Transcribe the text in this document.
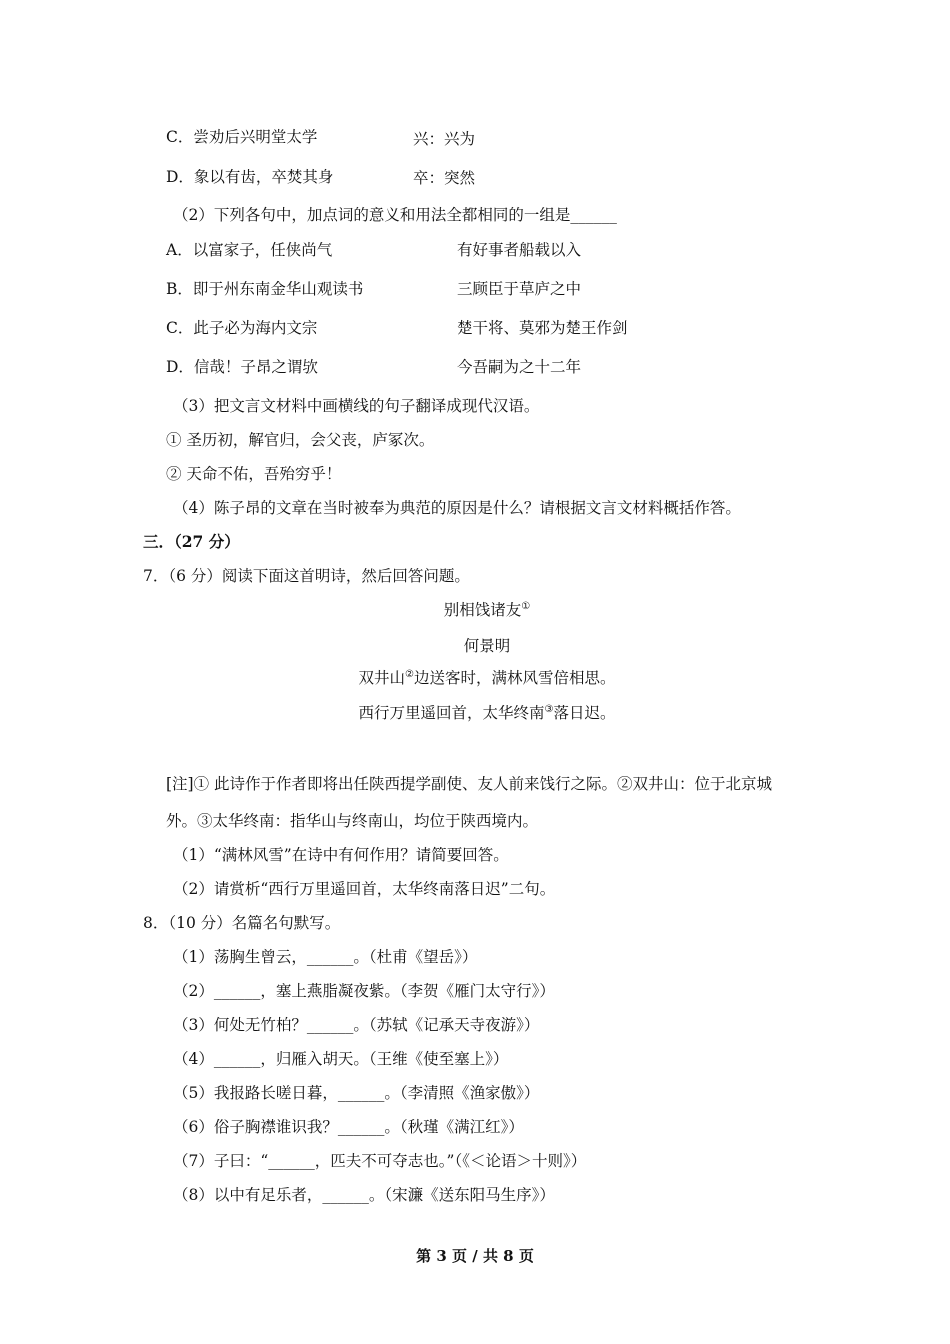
C．尝劝后兴明堂太学	兴：兴为
D．象以有齿，卒焚其身	卒：突然
（2）下列各句中，加点词的意义和用法全都相同的一组是______
A．以富家子，任侠尚气	有好事者船载以入
B．即于州东南金华山观读书	三顾臣于草庐之中
C．此子必为海内文宗	楚干将、莫邪为楚王作剑
D．信哉！子昂之谓欤	今吾嗣为之十二年
（3）把文言文材料中画横线的句子翻译成现代汉语。
① 圣历初，解官归，会父丧，庐冢次。
② 天命不佑，吾殆穷乎！
（4）陈子昂的文章在当时被奉为典范的原因是什么？请根据文言文材料概括作答。
三．（27 分）
7．（6 分）阅读下面这首明诗，然后回答问题。
别相饯诸友①
何景明
双井山②边送客时，满林风雪倍相思。
西行万里遥回首，太华终南③落日迟。
[注]① 此诗作于作者即将出任陕西提学副使、友人前来饯行之际。②双井山：位于北京城
外。③太华终南：指华山与终南山，均位于陕西境内。
（1）“满林风雪”在诗中有何作用？请简要回答。
（2）请赏析“西行万里遥回首，太华终南落日迟”二句。
8．（10 分）名篇名句默写。
（1）荡胸生曾云，______。（杜甫《望岳》）
（2）______，塞上燕脂凝夜紫。（李贺《雁门太守行》）
（3）何处无竹柏？______。（苏轼《记承天寺夜游》）
（4）______，归雁入胡天。（王维《使至塞上》）
（5）我报路长嗟日暮，______。（李清照《渔家傲》）
（6）俗子胸襟谁识我？______。（秋瑾《满江红》）
（7）子曰：“______，匹夫不可夺志也。”（《＜论语＞十则》）
（8）以中有足乐者，______。（宋濂《送东阳马生序》）
第 3 页 / 共 8 页
